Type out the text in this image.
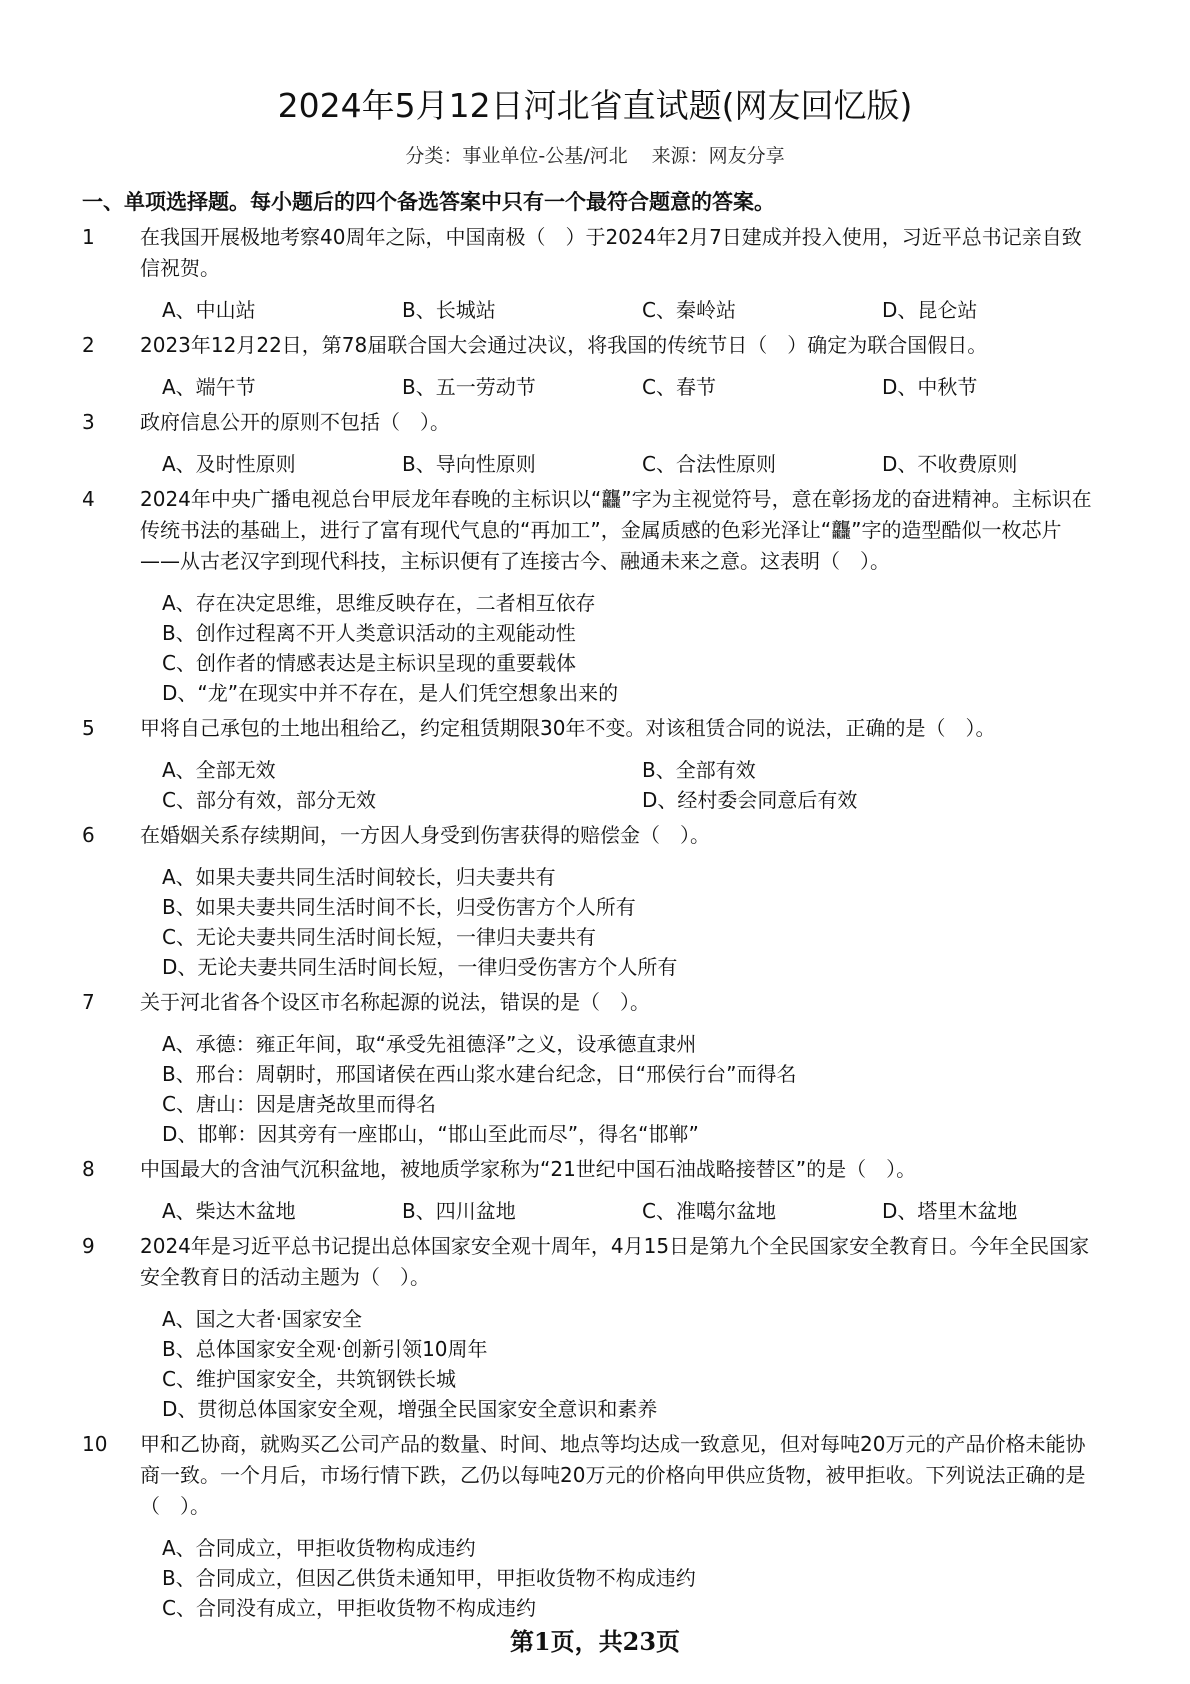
2024年5月12日河北省直试题(网友回忆版)
分类：事业单位-公基/河北 来源：网友分享
一、单项选择题。每小题后的四个备选答案中只有一个最符合题意的答案。
1 在我国开展极地考察40周年之际，中国南极（　）于2024年2月7日建成并投入使用，习近平总书记亲自致信祝贺。

A、中山站	B、长城站	C、秦岭站	D、昆仑站
2 2023年12月22日，第78届联合国大会通过决议，将我国的传统节日（　）确定为联合国假日。

A、端午节	B、五一劳动节	C、春节	D、中秋节
3 政府信息公开的原则不包括（　）。

A、及时性原则	B、导向性原则	C、合法性原则	D、不收费原则
4 2024年中央广播电视总台甲辰龙年春晚的主标识以“龘”字为主视觉符号，意在彰扬龙的奋进精神。主标识在传统书法的基础上，进行了富有现代气息的“再加工”，金属质感的色彩光泽让“龘”字的造型酷似一枚芯片——从古老汉字到现代科技，主标识便有了连接古今、融通未来之意。这表明（　）。

A、存在决定思维，思维反映存在，二者相互依存
B、创作过程离不开人类意识活动的主观能动性
C、创作者的情感表达是主标识呈现的重要载体
D、“龙”在现实中并不存在，是人们凭空想象出来的
5 甲将自己承包的土地出租给乙，约定租赁期限30年不变。对该租赁合同的说法，正确的是（　）。

A、全部无效	B、全部有效
C、部分有效，部分无效	D、经村委会同意后有效
6 在婚姻关系存续期间，一方因人身受到伤害获得的赔偿金（　）。

A、如果夫妻共同生活时间较长，归夫妻共有
B、如果夫妻共同生活时间不长，归受伤害方个人所有
C、无论夫妻共同生活时间长短，一律归夫妻共有
D、无论夫妻共同生活时间长短，一律归受伤害方个人所有
7 关于河北省各个设区市名称起源的说法，错误的是（　）。

A、承德：雍正年间，取“承受先祖德泽”之义，设承德直隶州
B、邢台：周朝时，邢国诸侯在西山浆水建台纪念，日“邢侯行台”而得名
C、唐山：因是唐尧故里而得名
D、邯郸：因其旁有一座邯山，“邯山至此而尽”，得名“邯郸”
8 中国最大的含油气沉积盆地，被地质学家称为“21世纪中国石油战略接替区”的是（　）。

A、柴达木盆地	B、四川盆地	C、准噶尔盆地	D、塔里木盆地
9 2024年是习近平总书记提出总体国家安全观十周年，4月15日是第九个全民国家安全教育日。今年全民国家安全教育日的活动主题为（　）。

A、国之大者·国家安全
B、总体国家安全观·创新引领10周年
C、维护国家安全，共筑钢铁长城
D、贯彻总体国家安全观，增强全民国家安全意识和素养
10 甲和乙协商，就购买乙公司产品的数量、时间、地点等均达成一致意见，但对每吨20万元的产品价格未能协商一致。一个月后，市场行情下跌，乙仍以每吨20万元的价格向甲供应货物，被甲拒收。下列说法正确的是（　）。

A、合同成立，甲拒收货物构成违约
B、合同成立，但因乙供货未通知甲，甲拒收货物不构成违约
C、合同没有成立，甲拒收货物不构成违约
第1页，共23页
